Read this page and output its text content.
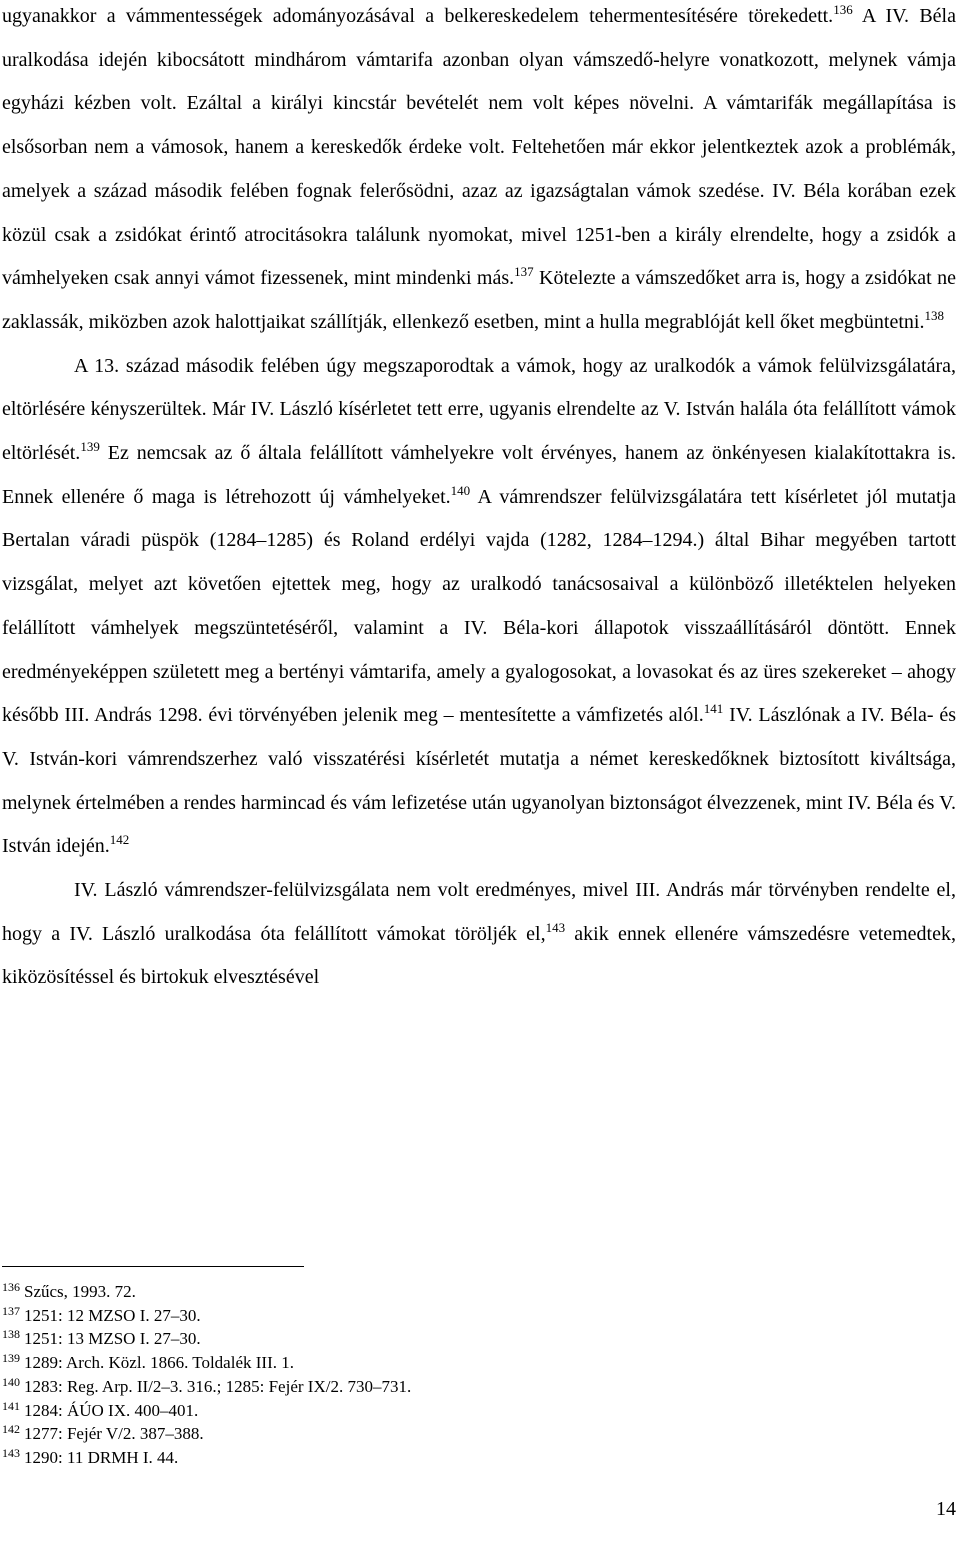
ugyanakkor a vámmentességek adományozásával a belkereskedelem tehermentesítésére törekedett.$^{136}$ A IV. Béla uralkodása idején kibocsátott mindhárom vámtarifa azonban olyan vámszedő-helyre vonatkozott, melynek vámja egyházi kézben volt. Ezáltal a királyi kincstár bevételét nem volt képes növelni. A vámtarifák megállapítása is elsősorban nem a vámosok, hanem a kereskedők érdeke volt. Feltehetően már ekkor jelentkeztek azok a problémák, amelyek a század második felében fognak felerősödni, azaz az igazságtalan vámok szedése. IV. Béla korában ezek közül csak a zsidókat érintő atrocitásokra találunk nyomokat, mivel 1251-ben a király elrendelte, hogy a zsidók a vámhelyeken csak annyi vámot fizessenek, mint mindenki más.$^{137}$ Kötelezte a vámszedőket arra is, hogy a zsidókat ne zaklassák, miközben azok halottjaikat szállítják, ellenkező esetben, mint a hulla megrablóját kell őket megbüntetni.$^{138}$

A 13. század második felében úgy megszaporodtak a vámok, hogy az uralkodók a vámok felülvizsgálatára, eltörlésére kényszerültek. Már IV. László kísérletet tett erre, ugyanis elrendelte az V. István halála óta felállított vámok eltörlését.$^{139}$ Ez nemcsak az ő általa felállított vámhelyekre volt érvényes, hanem az önkényesen kialakítottakra is. Ennek ellenére ő maga is létrehozott új vámhelyeket.$^{140}$ A vámrendszer felülvizsgálatára tett kísérletet jól mutatja Bertalan váradi püspök (1284–1285) és Roland erdélyi vajda (1282, 1284–1294.) által Bihar megyében tartott vizsgálat, melyet azt követően ejtettek meg, hogy az uralkodó tanácsosaival a különböző illetéktelen helyeken felállított vámhelyek megszüntetéséről, valamint a IV. Béla-kori állapotok visszaállításáról döntött. Ennek eredményeképpen született meg a bertényi vámtarifa, amely a gyalogosokat, a lovasokat és az üres szekereket – ahogy később III. András 1298. évi törvényében jelenik meg – mentesítette a vámfizetés alól.$^{141}$ IV. Lászlónak a IV. Béla- és V. István-kori vámrendszerhez való visszatérési kísérletét mutatja a német kereskedőknek biztosított kiváltsága, melynek értelmében a rendes harmincad és vám lefizetése után ugyanolyan biztonságot élvezzenek, mint IV. Béla és V. István idején.$^{142}$

IV. László vámrendszer-felülvizsgálata nem volt eredményes, mivel III. András már törvényben rendelte el, hogy a IV. László uralkodása óta felállított vámokat töröljék el,$^{143}$ akik ennek ellenére vámszedésre vetemedtek, kiközösítéssel és birtokuk elvesztésével

$^{136}$ Szűcs, 1993. 72.
$^{137}$ 1251: 12 MZSO I. 27–30.
$^{138}$ 1251: 13 MZSO I. 27–30.
$^{139}$ 1289: Arch. Közl. 1866. Toldalék III. 1.
$^{140}$ 1283: Reg. Arp. II/2–3. 316.; 1285: Fejér IX/2. 730–731.
$^{141}$ 1284: ÁÚO IX. 400–401.
$^{142}$ 1277: Fejér V/2. 387–388.
$^{143}$ 1290: 11 DRMH I. 44.
14
